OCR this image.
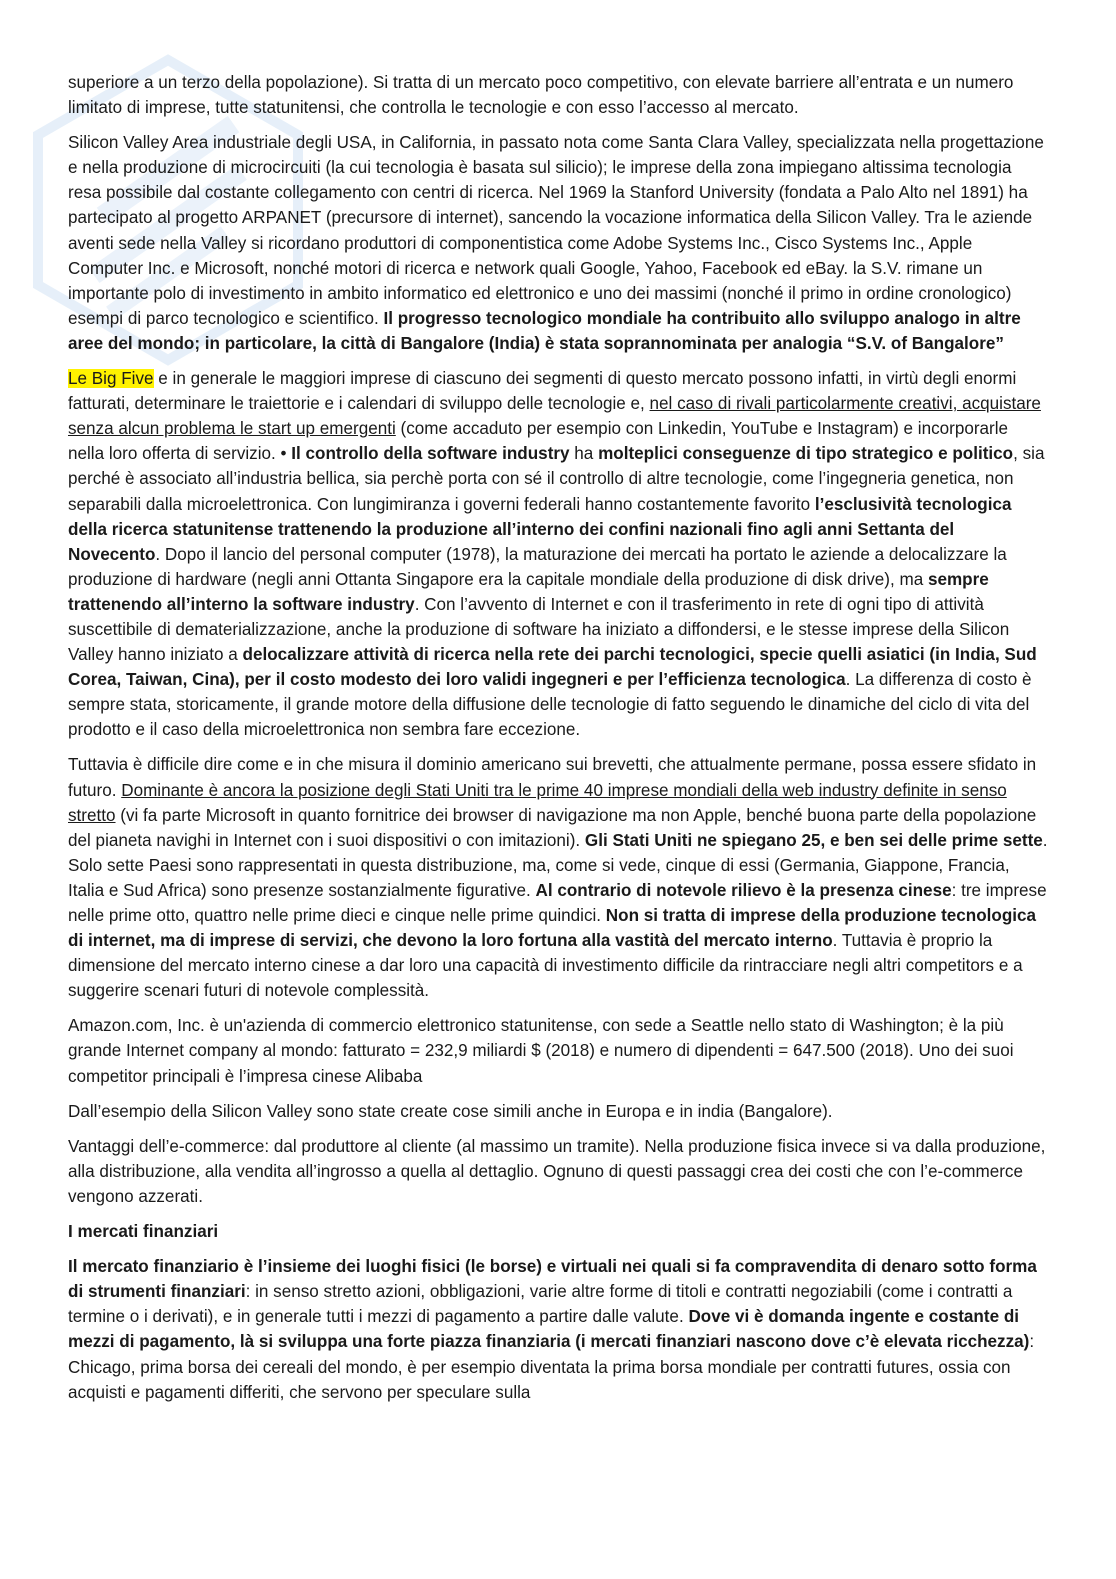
superiore a un terzo della popolazione). Si tratta di un mercato poco competitivo, con elevate barriere all’entrata e un numero limitato di imprese, tutte statunitensi, che controlla le tecnologie e con esso l’accesso al mercato.

Silicon Valley Area industriale degli USA, in California, in passato nota come Santa Clara Valley, specializzata nella progettazione e nella produzione di microcircuiti (la cui tecnologia è basata sul silicio); le imprese della zona impiegano altissima tecnologia resa possibile dal costante collegamento con centri di ricerca. Nel 1969 la Stanford University (fondata a Palo Alto nel 1891) ha partecipato al progetto ARPANET (precursore di internet), sancendo la vocazione informatica della Silicon Valley. Tra le aziende aventi sede nella Valley si ricordano produttori di componentistica come Adobe Systems Inc., Cisco Systems Inc., Apple Computer Inc. e Microsoft, nonché motori di ricerca e network quali Google, Yahoo, Facebook ed eBay. la S.V. rimane un importante polo di investimento in ambito informatico ed elettronico e uno dei massimi (nonché il primo in ordine cronologico) esempi di parco tecnologico e scientifico. Il progresso tecnologico mondiale ha contribuito allo sviluppo analogo in altre aree del mondo; in particolare, la città di Bangalore (India) è stata soprannominata per analogia “S.V. of Bangalore”

Le Big Five e in generale le maggiori imprese di ciascuno dei segmenti di questo mercato possono infatti, in virtù degli enormi fatturati, determinare le traiettorie e i calendari di sviluppo delle tecnologie e, nel caso di rivali particolarmente creativi, acquistare senza alcun problema le start up emergenti (come accaduto per esempio con Linkedin, YouTube e Instagram) e incorporarle nella loro offerta di servizio. • Il controllo della software industry ha molteplici conseguenze di tipo strategico e politico, sia perché è associato all’industria bellica, sia perchè porta con sé il controllo di altre tecnologie, come l’ingegneria genetica, non separabili dalla microelettronica. Con lungimiranza i governi federali hanno costantemente favorito l’esclusività tecnologica della ricerca statunitense trattenendo la produzione all’interno dei confini nazionali fino agli anni Settanta del Novecento. Dopo il lancio del personal computer (1978), la maturazione dei mercati ha portato le aziende a delocalizzare la produzione di hardware (negli anni Ottanta Singapore era la capitale mondiale della produzione di disk drive), ma sempre trattenendo all’interno la software industry. Con l’avvento di Internet e con il trasferimento in rete di ogni tipo di attività suscettibile di dematerializzazione, anche la produzione di software ha iniziato a diffondersi, e le stesse imprese della Silicon Valley hanno iniziato a delocalizzare attività di ricerca nella rete dei parchi tecnologici, specie quelli asiatici (in India, Sud Corea, Taiwan, Cina), per il costo modesto dei loro validi ingegneri e per l’efficienza tecnologica. La differenza di costo è sempre stata, storicamente, il grande motore della diffusione delle tecnologie di fatto seguendo le dinamiche del ciclo di vita del prodotto e il caso della microelettronica non sembra fare eccezione.

Tuttavia è difficile dire come e in che misura il dominio americano sui brevetti, che attualmente permane, possa essere sfidato in futuro. Dominante è ancora la posizione degli Stati Uniti tra le prime 40 imprese mondiali della web industry definite in senso stretto (vi fa parte Microsoft in quanto fornitrice dei browser di navigazione ma non Apple, benché buona parte della popolazione del pianeta navighi in Internet con i suoi dispositivi o con imitazioni). Gli Stati Uniti ne spiegano 25, e ben sei delle prime sette. Solo sette Paesi sono rappresentati in questa distribuzione, ma, come si vede, cinque di essi (Germania, Giappone, Francia, Italia e Sud Africa) sono presenze sostanzialmente figurative. Al contrario di notevole rilievo è la presenza cinese: tre imprese nelle prime otto, quattro nelle prime dieci e cinque nelle prime quindici. Non si tratta di imprese della produzione tecnologica di internet, ma di imprese di servizi, che devono la loro fortuna alla vastità del mercato interno. Tuttavia è proprio la dimensione del mercato interno cinese a dar loro una capacità di investimento difficile da rintracciare negli altri competitors e a suggerire scenari futuri di notevole complessità.

Amazon.com, Inc. è un'azienda di commercio elettronico statunitense, con sede a Seattle nello stato di Washington; è la più grande Internet company al mondo: fatturato = 232,9 miliardi $ (2018) e numero di dipendenti = 647.500 (2018). Uno dei suoi competitor principali è l’impresa cinese Alibaba

Dall’esempio della Silicon Valley sono state create cose simili anche in Europa e in india (Bangalore).

Vantaggi dell’e-commerce: dal produttore al cliente (al massimo un tramite). Nella produzione fisica invece si va dalla produzione, alla distribuzione, alla vendita all’ingrosso a quella al dettaglio. Ognuno di questi passaggi crea dei costi che con l’e-commerce vengono azzerati.

I mercati finanziari

Il mercato finanziario è l’insieme dei luoghi fisici (le borse) e virtuali nei quali si fa compravendita di denaro sotto forma di strumenti finanziari: in senso stretto azioni, obbligazioni, varie altre forme di titoli e contratti negoziabili (come i contratti a termine o i derivati), e in generale tutti i mezzi di pagamento a partire dalle valute. Dove vi è domanda ingente e costante di mezzi di pagamento, là si sviluppa una forte piazza finanziaria (i mercati finanziari nascono dove c’è elevata ricchezza): Chicago, prima borsa dei cereali del mondo, è per esempio diventata la prima borsa mondiale per contratti futures, ossia con acquisti e pagamenti differiti, che servono per speculare sulla
